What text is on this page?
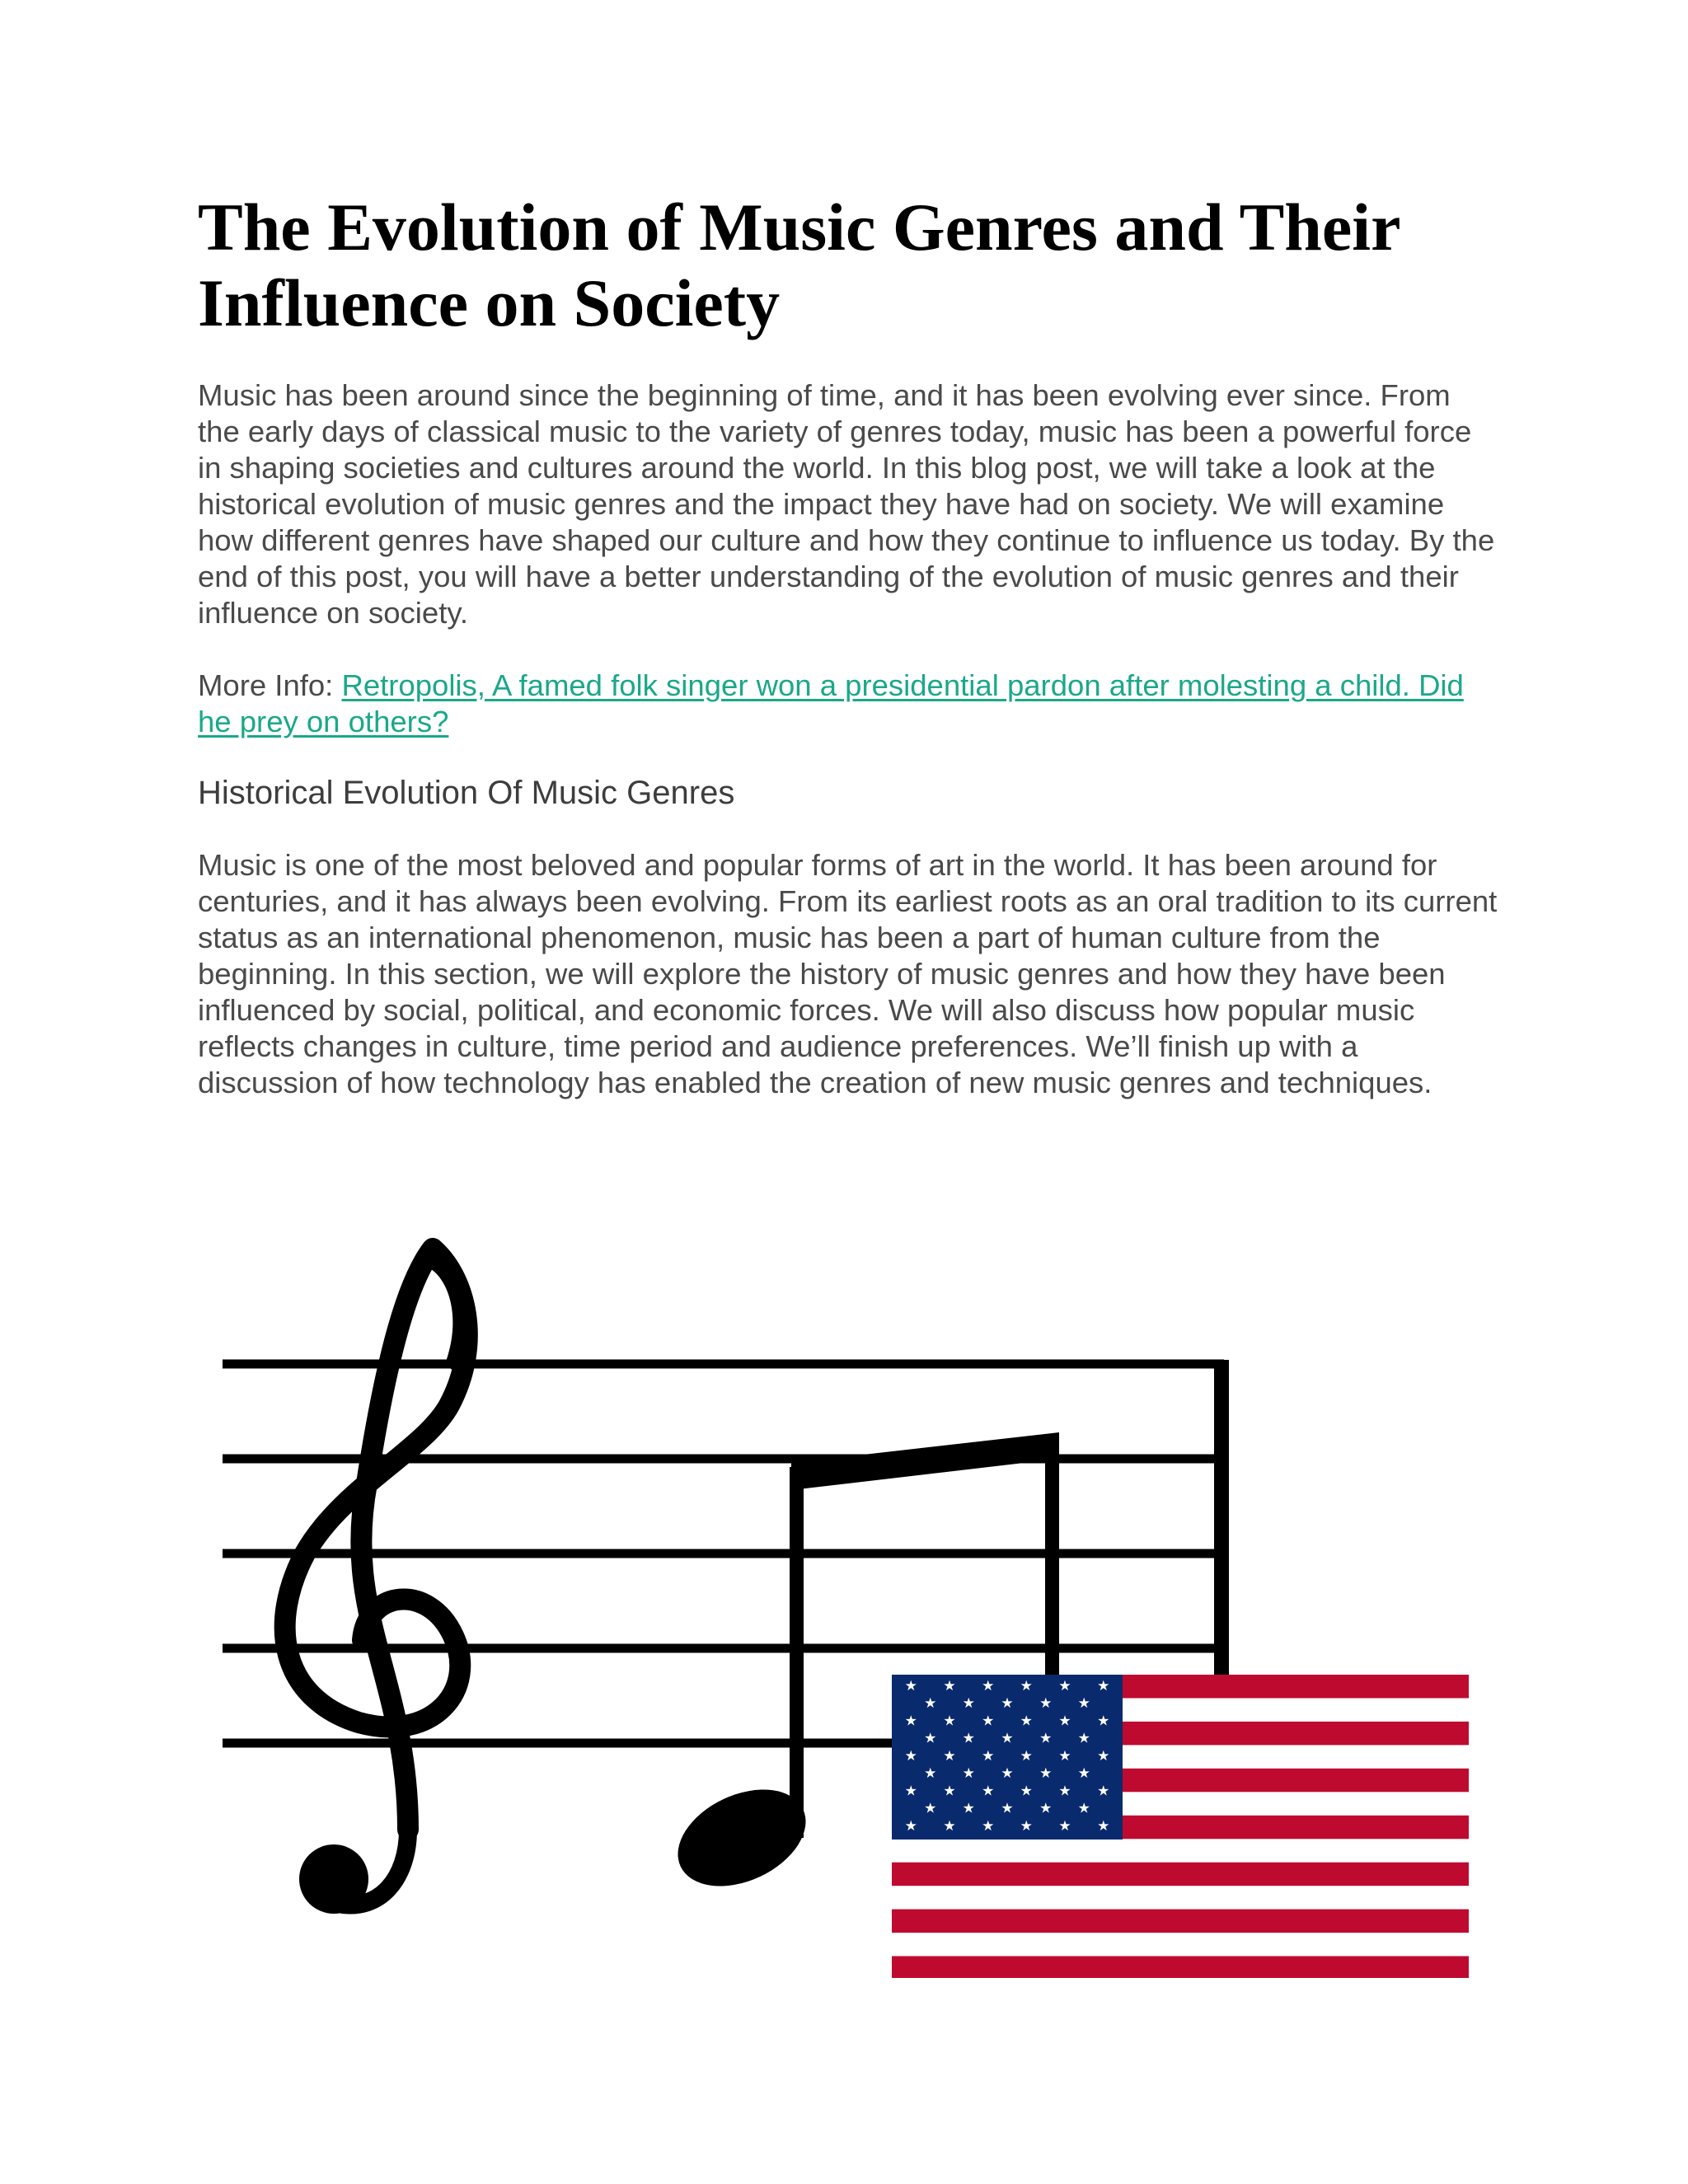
The Evolution of Music Genres and Their Influence on Society

Music has been around since the beginning of time, and it has been evolving ever since. From the early days of classical music to the variety of genres today, music has been a powerful force in shaping societies and cultures around the world. In this blog post, we will take a look at the historical evolution of music genres and the impact they have had on society. We will examine how different genres have shaped our culture and how they continue to influence us today. By the end of this post, you will have a better understanding of the evolution of music genres and their influence on society.

More Info: Retropolis, A famed folk singer won a presidential pardon after molesting a child. Did he prey on others?

Historical Evolution Of Music Genres

Music is one of the most beloved and popular forms of art in the world. It has been around for centuries, and it has always been evolving. From its earliest roots as an oral tradition to its current status as an international phenomenon, music has been a part of human culture from the beginning. In this section, we will explore the history of music genres and how they have been influenced by social, political, and economic forces. We will also discuss how popular music reflects changes in culture, time period and audience preferences. We’ll finish up with a discussion of how technology has enabled the creation of new music genres and techniques.

★ ★ ★ ★ ★ ★
★ ★ ★ ★ ★
★ ★ ★ ★ ★ ★
★ ★ ★ ★ ★
★ ★ ★ ★ ★ ★
★ ★ ★ ★ ★
★ ★ ★ ★ ★ ★
★ ★ ★ ★ ★
★ ★ ★ ★ ★ ★
